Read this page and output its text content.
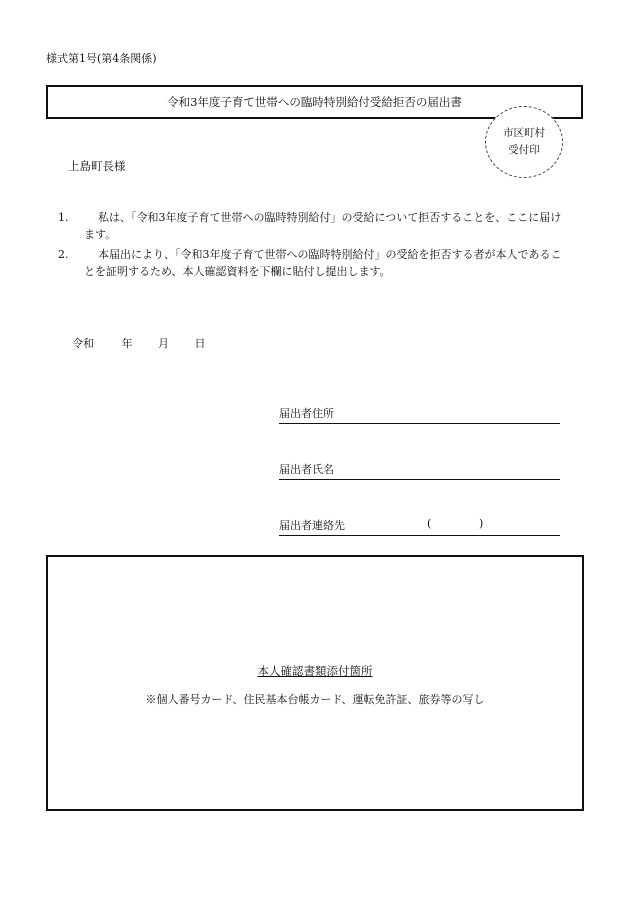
様式第1号(第4条関係)
令和3年度子育て世帯への臨時特別給付受給拒否の届出書
市区町村
受付印
上島町長様
1.	私は、「令和3年度子育て世帯への臨時特別給付」の受給について拒否することを、ここに届けます。
2.	本届出により、「令和3年度子育て世帯への臨時特別給付」の受給を拒否する者が本人であることを証明するため、本人確認資料を下欄に貼付し提出します。
令和	年 月 日
届出者住所
届出者氏名
届出者連絡先	(	)
本人確認書類添付箇所
※個人番号カード、住民基本台帳カード、運転免許証、旅券等の写し
